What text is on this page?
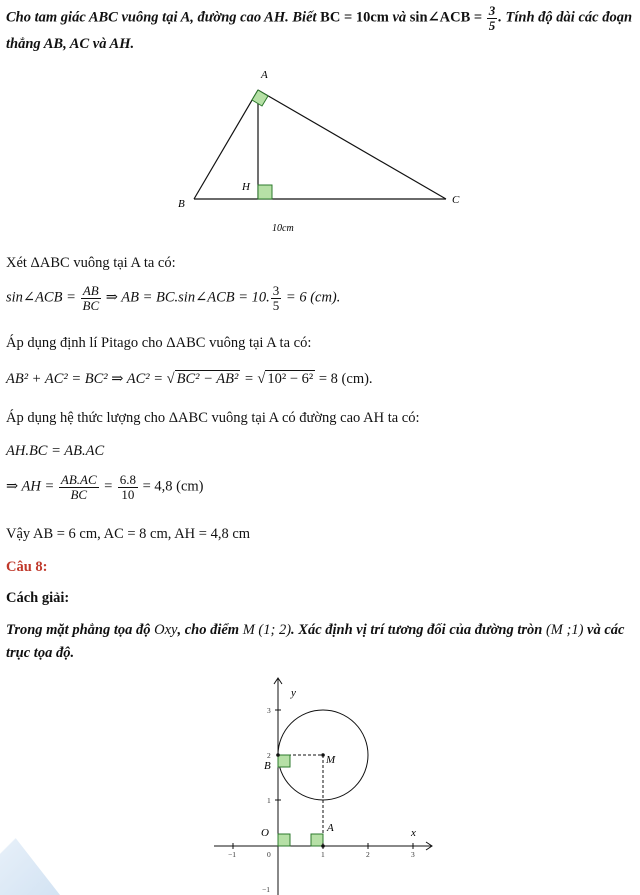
Cho tam giác ABC vuông tại A, đường cao AH. Biết BC = 10cm và sin∠ACB = $\frac{3}{5}$ . Tính độ dài các đoạn
thẳng AB, AC và AH.
A
B	C
H
10cm
Xét ΔABC vuông tại A ta có:
sin∠ACB = $\frac{AB}{BC}$ ⇒ AB = BC.sin∠ACB = 10. $\frac{3}{5} = 6$ (cm).
Áp dụng định lí Pitago cho ΔABC vuông tại A ta có:
AB² + AC² = BC² ⇒ AC² = √ BC² − AB² = √ 10² − 6² = 8 (cm).
Áp dụng hệ thức lượng cho ΔABC vuông tại A có đường cao AH ta có:
AH.BC = AB.AC
⇒ AH = $\frac{AB.AC}{BC} = \frac{6.8}{10} = 4,8$ (cm)
Vậy AB = 6 cm, AC = 8 cm, AH = 4,8 cm
Câu 8:
Cách giải:
Trong mặt phẳng tọa độ Oxy, cho điểm M (1; 2). Xác định vị trí tương đối của đường tròn (M ;1) và các
trục tọa độ.
x
y
O
M
A
B
−1	0	1	2	3
3
2
1
−1
